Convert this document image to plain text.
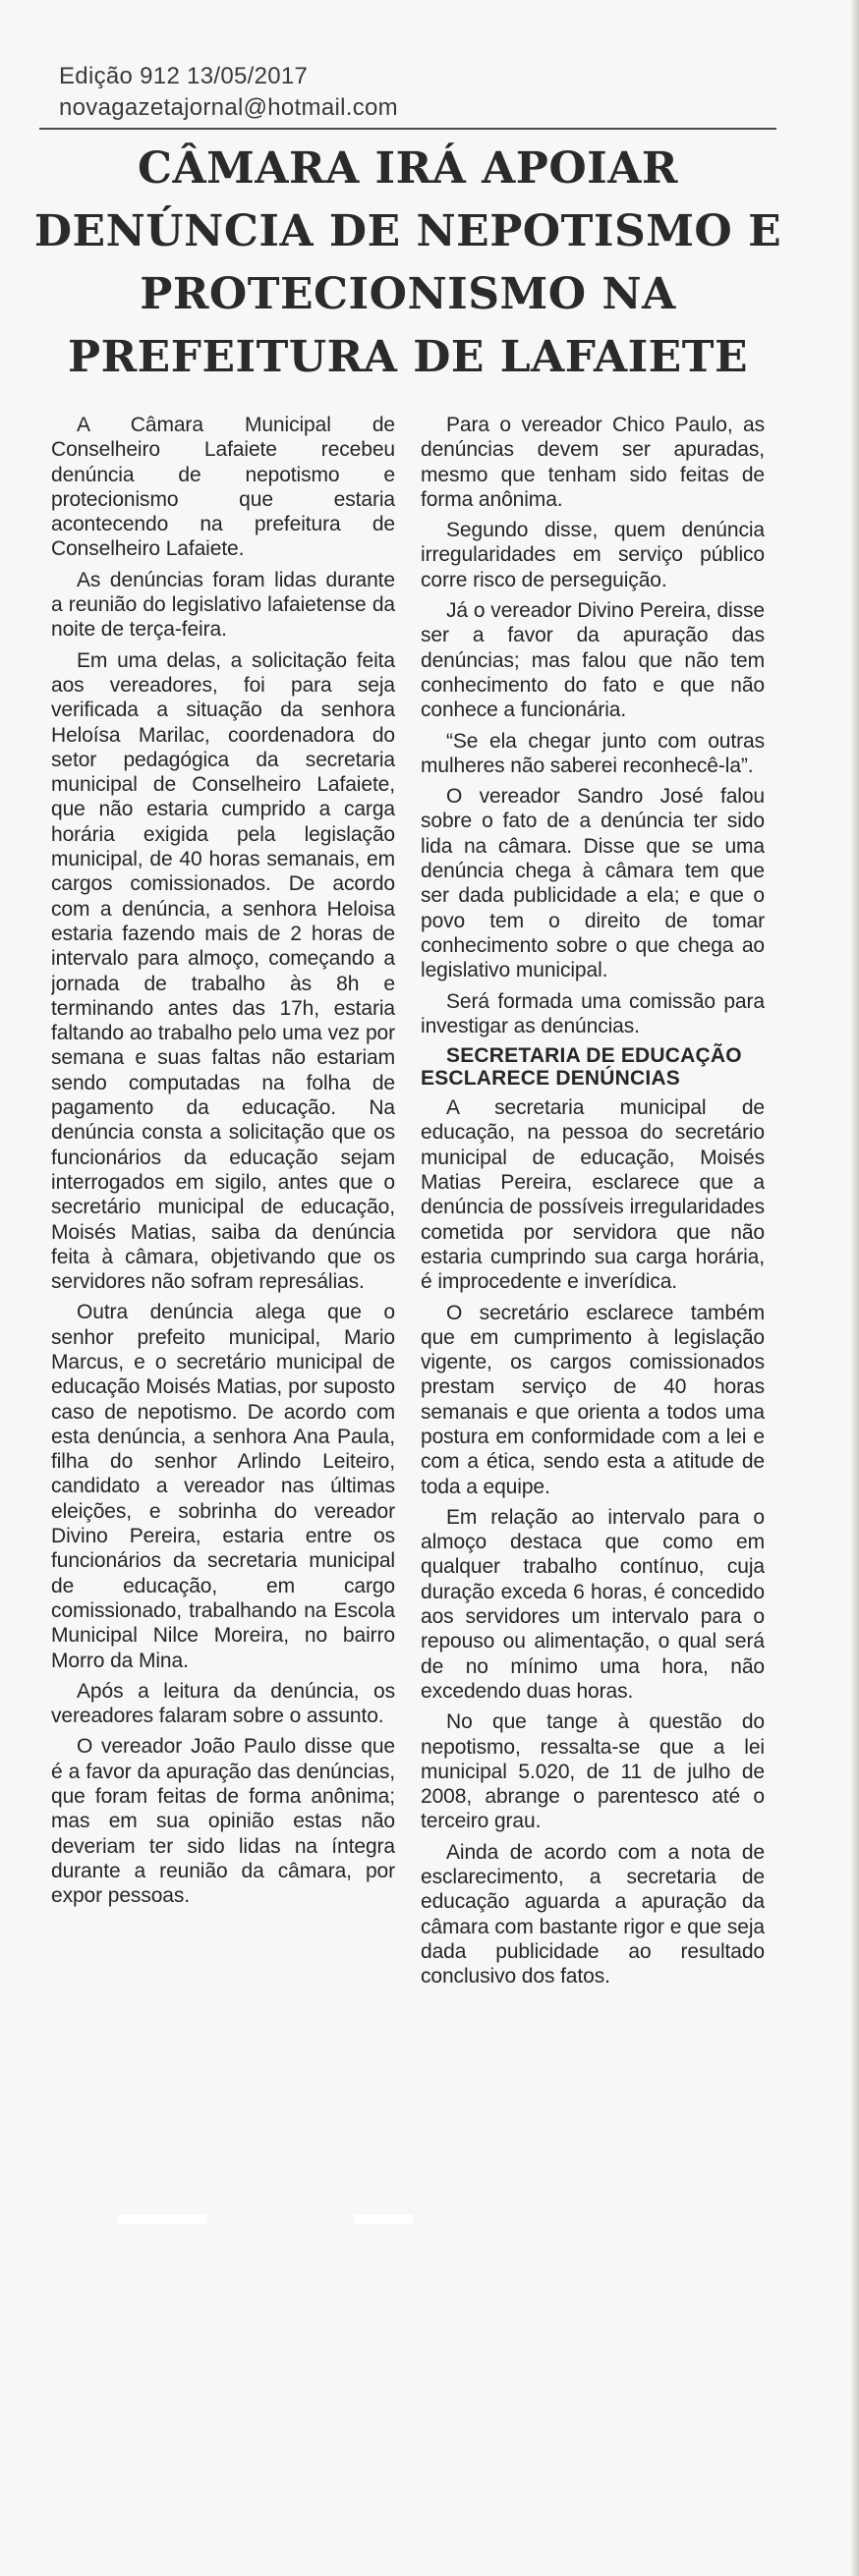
Edição 912 13/05/2017
novagazetajornal@hotmail.com
CÂMARA IRÁ APOIAR DENÚNCIA DE NEPOTISMO E PROTECIONISMO NA PREFEITURA DE LAFAIETE

A Câmara Municipal de Conselheiro Lafaiete recebeu denúncia de nepotismo e protecionismo que estaria acontecendo na prefeitura de Conselheiro Lafaiete.

As denúncias foram lidas durante a reunião do legislativo lafaietense da noite de terça-feira.

Em uma delas, a solicitação feita aos vereadores, foi para seja verificada a situação da senhora Heloísa Marilac, coordenadora do setor pedagógica da secretaria municipal de Conselheiro Lafaiete, que não estaria cumprido a carga horária exigida pela legislação municipal, de 40 horas semanais, em cargos comissionados. De acordo com a denúncia, a senhora Heloisa estaria fazendo mais de 2 horas de intervalo para almoço, começando a jornada de trabalho às 8h e terminando antes das 17h, estaria faltando ao trabalho pelo uma vez por semana e suas faltas não estariam sendo computadas na folha de pagamento da educação. Na denúncia consta a solicitação que os funcionários da educação sejam interrogados em sigilo, antes que o secretário municipal de educação, Moisés Matias, saiba da denúncia feita à câmara, objetivando que os servidores não sofram represálias.

Outra denúncia alega que o senhor prefeito municipal, Mario Marcus, e o secretário municipal de educação Moisés Matias, por suposto caso de nepotismo. De acordo com esta denúncia, a senhora Ana Paula, filha do senhor Arlindo Leiteiro, candidato a vereador nas últimas eleições, e sobrinha do vereador Divino Pereira, estaria entre os funcionários da secretaria municipal de educação, em cargo comissionado, trabalhando na Escola Municipal Nilce Moreira, no bairro Morro da Mina.

Após a leitura da denúncia, os vereadores falaram sobre o assunto.

O vereador João Paulo disse que é a favor da apuração das denúncias, que foram feitas de forma anônima; mas em sua opinião estas não deveriam ter sido lidas na íntegra durante a reunião da câmara, por expor pessoas.

Para o vereador Chico Paulo, as denúncias devem ser apuradas, mesmo que tenham sido feitas de forma anônima.

Segundo disse, quem denúncia irregularidades em serviço público corre risco de perseguição.

Já o vereador Divino Pereira, disse ser a favor da apuração das denúncias; mas falou que não tem conhecimento do fato e que não conhece a funcionária.

“Se ela chegar junto com outras mulheres não saberei reconhecê-la”.

O vereador Sandro José falou sobre o fato de a denúncia ter sido lida na câmara. Disse que se uma denúncia chega à câmara tem que ser dada publicidade a ela; e que o povo tem o direito de tomar conhecimento sobre o que chega ao legislativo municipal.

Será formada uma comissão para investigar as denúncias.

SECRETARIA DE EDUCAÇÃO ESCLARECE DENÚNCIAS

A secretaria municipal de educação, na pessoa do secretário municipal de educação, Moisés Matias Pereira, esclarece que a denúncia de possíveis irregularidades cometida por servidora que não estaria cumprindo sua carga horária, é improcedente e inverídica.

O secretário esclarece também que em cumprimento à legislação vigente, os cargos comissionados prestam serviço de 40 horas semanais e que orienta a todos uma postura em conformidade com a lei e com a ética, sendo esta a atitude de toda a equipe.

Em relação ao intervalo para o almoço destaca que como em qualquer trabalho contínuo, cuja duração exceda 6 horas, é concedido aos servidores um intervalo para o repouso ou alimentação, o qual será de no mínimo uma hora, não excedendo duas horas.

No que tange à questão do nepotismo, ressalta-se que a lei municipal 5.020, de 11 de julho de 2008, abrange o parentesco até o terceiro grau.

Ainda de acordo com a nota de esclarecimento, a secretaria de educação aguarda a apuração da câmara com bastante rigor e que seja dada publicidade ao resultado conclusivo dos fatos.
